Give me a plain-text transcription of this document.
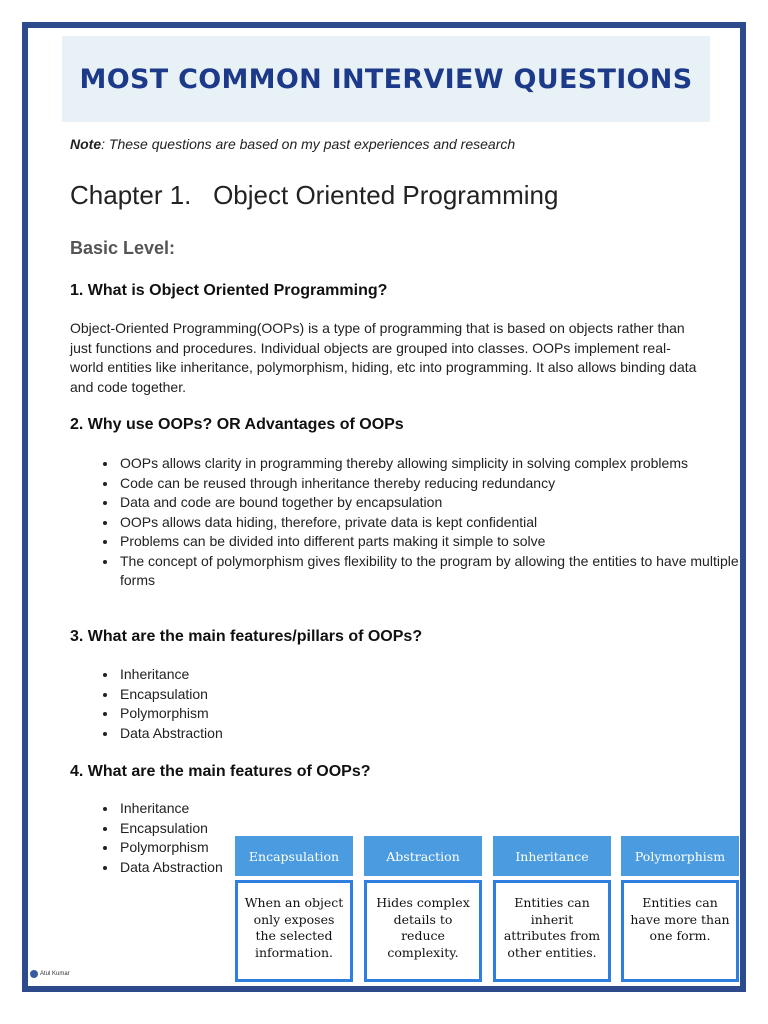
MOST COMMON INTERVIEW QUESTIONS
Note: These questions are based on my past experiences and research
Chapter 1.   Object Oriented Programming
Basic Level:
1. What is Object Oriented Programming?

Object-Oriented Programming(OOPs) is a type of programming that is based on objects rather than just functions and procedures. Individual objects are grouped into classes. OOPs implement real-world entities like inheritance, polymorphism, hiding, etc into programming. It also allows binding data and code together.

2. Why use OOPs? OR Advantages of OOPs
• OOPs allows clarity in programming thereby allowing simplicity in solving complex problems
• Code can be reused through inheritance thereby reducing redundancy
• Data and code are bound together by encapsulation
• OOPs allows data hiding, therefore, private data is kept confidential
• Problems can be divided into different parts making it simple to solve
• The concept of polymorphism gives flexibility to the program by allowing the entities to have multiple forms
3. What are the main features/pillars of OOPs?
• Inheritance
• Encapsulation
• Polymorphism
• Data Abstraction
4. What are the main features of OOPs?
• Inheritance
• Encapsulation
• Polymorphism
• Data Abstraction
Encapsulation
When an object only exposes the selected information.
Abstraction
Hides complex details to reduce complexity.
Inheritance
Entities can inherit attributes from other entities.
Polymorphism
Entities can have more than one form.
Atul Kumar
